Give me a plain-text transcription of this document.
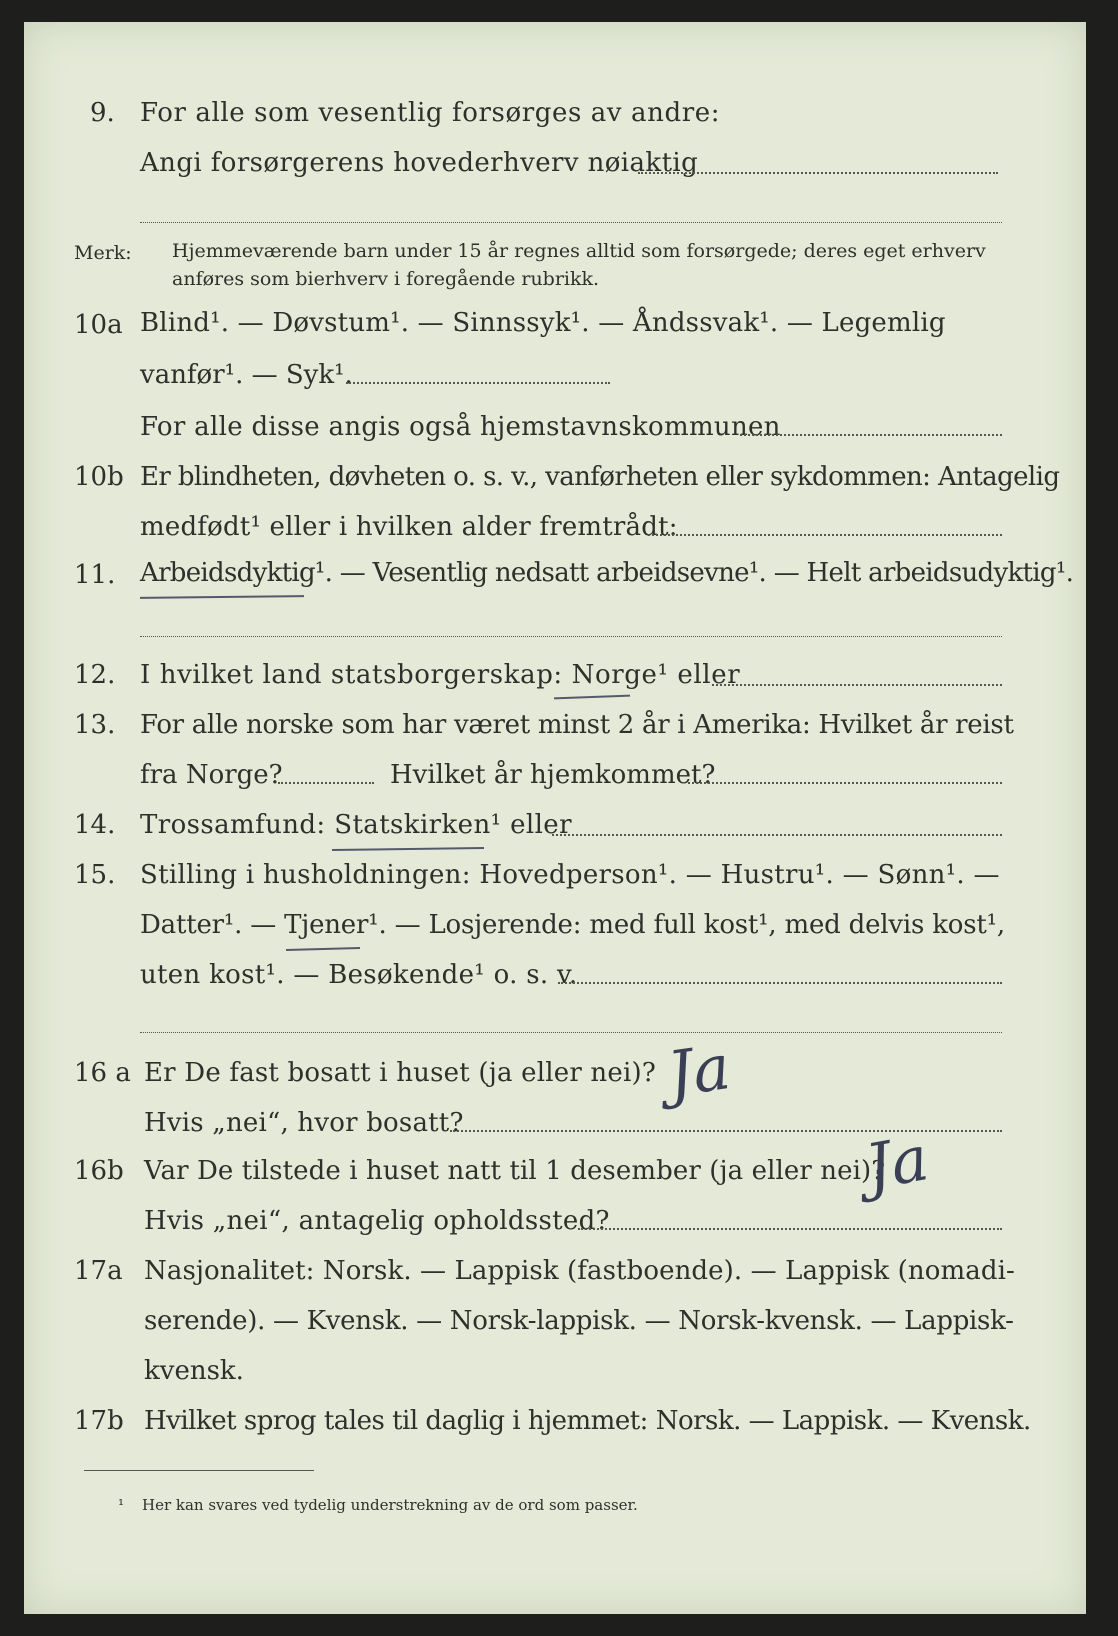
9. For alle som vesentlig forsørges av andre:
Angi forsørgerens hovederhverv nøiaktig
Merk: Hjemmeværende barn under 15 år regnes alltid som forsørgede; deres eget erhverv
anføres som bierhverv i foregående rubrikk.
10a Blind¹. — Døvstum¹. — Sinnssyk¹. — Åndssvak¹. — Legemlig
vanfør¹. — Syk¹.
For alle disse angis også hjemstavnskommunen
10b Er blindheten, døvheten o. s. v., vanførheten eller sykdommen: Antagelig
medfødt¹ eller i hvilken alder fremtrådt:
11. Arbeidsdyktig¹. — Vesentlig nedsatt arbeidsevne¹. — Helt arbeidsudyktig¹.
12. I hvilket land statsborgerskap: Norge¹ eller
13. For alle norske som har været minst 2 år i Amerika: Hvilket år reist
fra Norge?	Hvilket år hjemkommet?
14. Trossamfund: Statskirken¹ eller
15. Stilling i husholdningen: Hovedperson¹. — Hustru¹. — Sønn¹. —
Datter¹. — Tjener¹. — Losjerende: med full kost¹, med delvis kost¹,
uten kost¹. — Besøkende¹ o. s. v.
16 a Er De fast bosatt i huset (ja eller nei)? Ja
Hvis „nei“, hvor bosatt?
16b Var De tilstede i huset natt til 1 desember (ja eller nei)?
Ja
Hvis „nei“, antagelig opholdssted?
17a Nasjonalitet: Norsk. — Lappisk (fastboende). — Lappisk (nomadi-
serende). — Kvensk. — Norsk-lappisk. — Norsk-kvensk. — Lappisk-
kvensk.
17b Hvilket sprog tales til daglig i hjemmet: Norsk. — Lappisk. — Kvensk.
¹ Her kan svares ved tydelig understrekning av de ord som passer.
